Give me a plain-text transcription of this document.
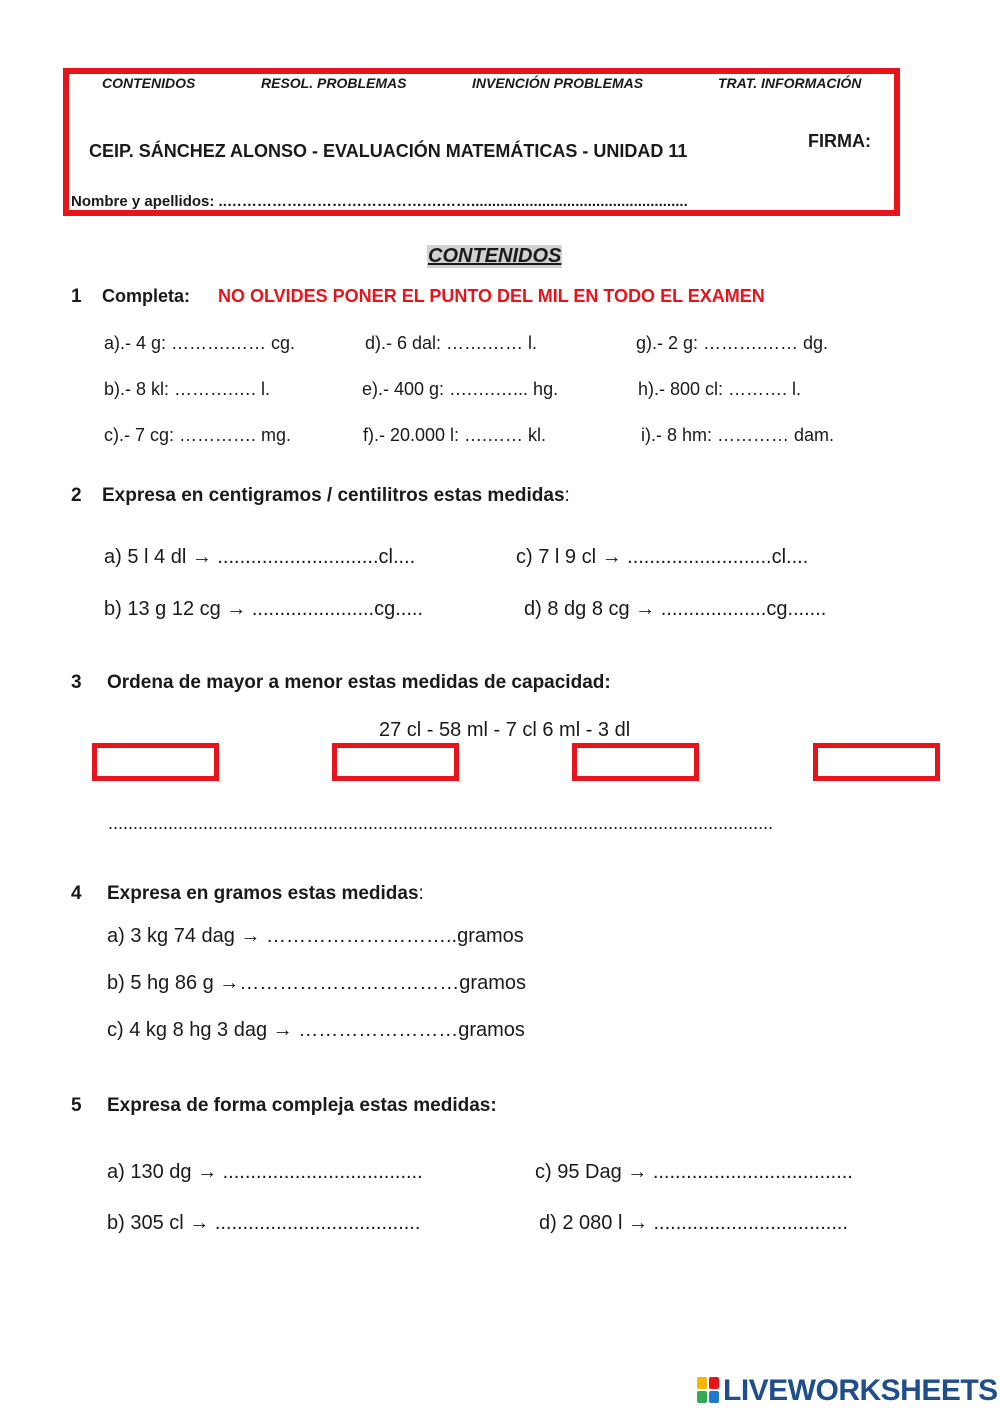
CONTENIDOS	RESOL. PROBLEMAS	INVENCIÓN PROBLEMAS	TRAT. INFORMACIÓN
CEIP. SÁNCHEZ ALONSO - EVALUACIÓN MATEMÁTICAS - UNIDAD 11	FIRMA:
Nombre y apellidos: ..…………………………………….……....................................................
CONTENIDOS
1 Completa: NO OLVIDES PONER EL PUNTO DEL MIL EN TODO EL EXAMEN
a).- 4 g: ……….…… cg.	d).- 6 dal: …….…… l.	g).- 2 g: ……….…… dg.
b).- 8 kl: ……….…. l.	e).- 400 g: ….….…... hg.	h).- 800 cl: ………. l.
c).- 7 cg: …………. mg.	f).- 20.000 l: ….…… kl.	i).- 8 hm: ………… dam.
2 Expresa en centigramos / centilitros estas medidas:
a) 5 l 4 dl → .............................cl....	c) 7 l 9 cl → ..........................cl....
b) 13 g 12 cg → ......................cg.....	d) 8 dg 8 cg → ...................cg.......
3 Ordena de mayor a menor estas medidas de capacidad:
27 cl - 58 ml - 7 cl 6 ml - 3 dl
.....................................................................................................................................
4 Expresa en gramos estas medidas:
a) 3 kg 74 dag → ………………………..gramos
b) 5 hg 86 g →……………………………gramos
c) 4 kg 8 hg 3 dag → ……………………gramos
5 Expresa de forma compleja estas medidas:
a) 130 dg → ....................................	c) 95 Dag → ....................................
b) 305 cl → .....................................	d) 2 080 l → ...................................
LIVEWORKSHEETS
